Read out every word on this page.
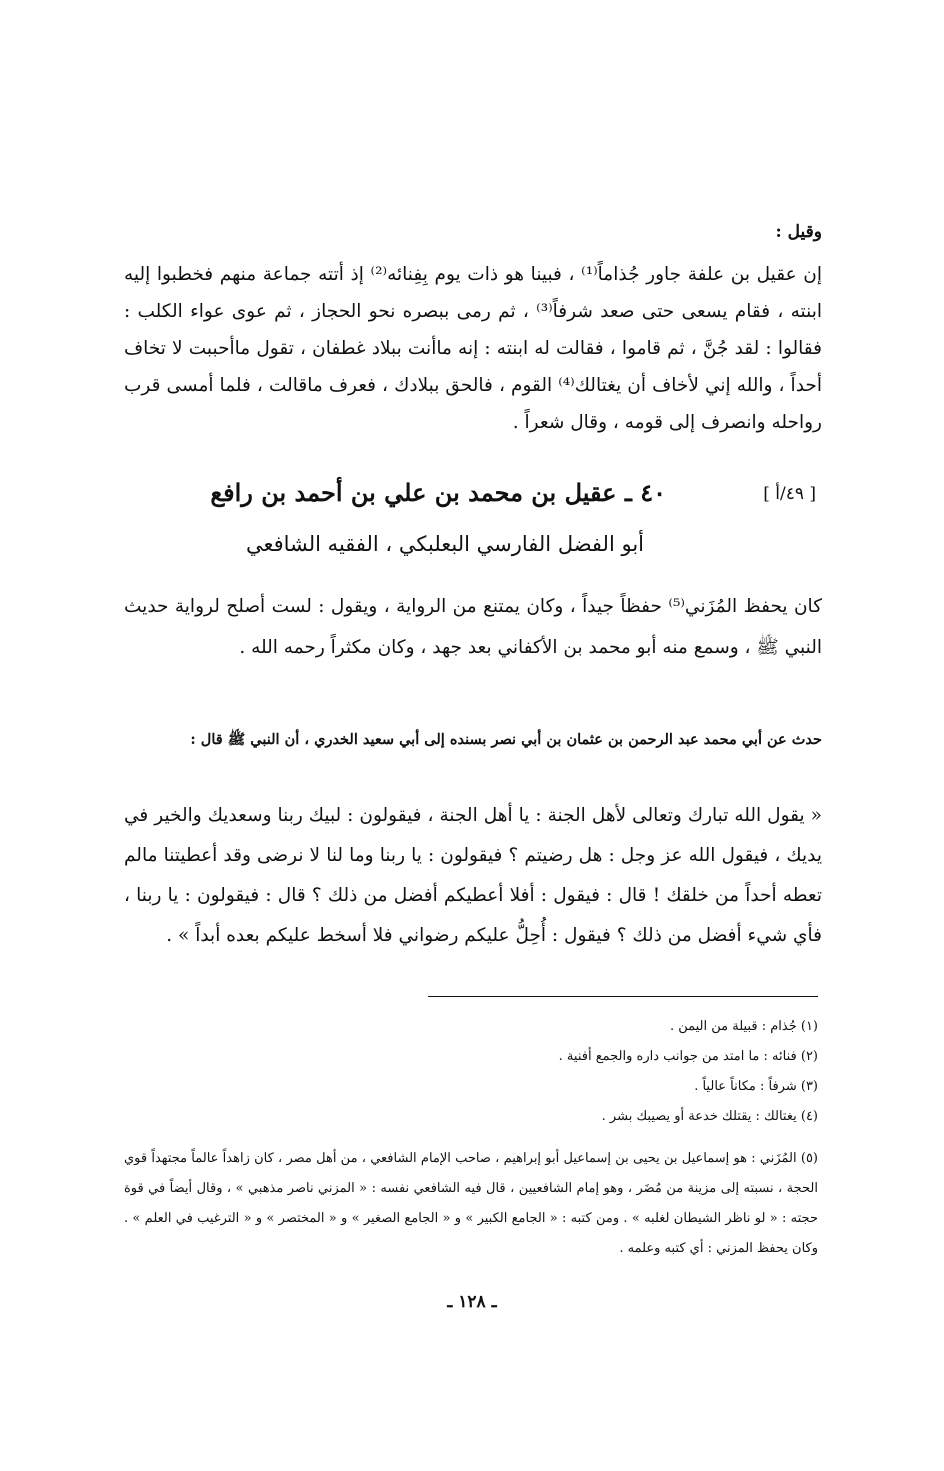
وقيل :
إن عقيل بن علفة جاور جُذاماً⁽¹⁾ ، فبينا هو ذات يوم بِفِنائه⁽²⁾ إذ أتته جماعة منهم فخطبوا إليه ابنته ، فقام يسعى حتى صعد شرفاً⁽³⁾ ، ثم رمى ببصره نحو الحجاز ، ثم عوى عواء الكلب : فقالوا : لقد جُنَّ ، ثم قاموا ، فقالت له ابنته : إنه ماأنت ببلاد غطفان ، تقول ماأحببت لا تخاف أحداً ، والله إني لأخاف أن يغتالك⁽⁴⁾ القوم ، فالحق ببلادك ، فعرف ماقالت ، فلما أمسى قرب رواحله وانصرف إلى قومه ، وقال شعراً .
[ ٤٩/أ ]
٤٠ ـ عقيل بن محمد بن علي بن أحمد بن رافع
أبو الفضل الفارسي البعلبكي ، الفقيه الشافعي
كان يحفظ المُزَني⁽⁵⁾ حفظاً جيداً ، وكان يمتنع من الرواية ، ويقول : لست أصلح لرواية حديث النبي ﷺ ، وسمع منه أبو محمد بن الأكفاني بعد جهد ، وكان مكثراً رحمه الله .
حدث عن أبي محمد عبد الرحمن بن عثمان بن أبي نصر بسنده إلى أبي سعيد الخدري ، أن النبي ﷺ قال :
« يقول الله تبارك وتعالى لأهل الجنة : يا أهل الجنة ، فيقولون : لبيك ربنا وسعديك والخير في يديك ، فيقول الله عز وجل : هل رضيتم ؟ فيقولون : يا ربنا وما لنا لا نرضى وقد أعطيتنا مالم تعطه أحداً من خلقك ! قال : فيقول : أفلا أعطيكم أفضل من ذلك ؟ قال : فيقولون : يا ربنا ، فأي شيء أفضل من ذلك ؟ فيقول : أُحِلُّ عليكم رضواني فلا أسخط عليكم بعده أبداً » .
(١) جُذام : قبيلة من اليمن .
(٢) فنائه : ما امتد من جوانب داره والجمع أفنية .
(٣) شرفاً : مكاناً عالياً .
(٤) يغتالك : يقتلك خدعة أو يصيبك بشر .
(٥) المُزَني : هو إسماعيل بن يحيى بن إسماعيل أبو إبراهيم ، صاحب الإمام الشافعي ، من أهل مصر ، كان زاهداً عالماً مجتهداً قوي الحجة ، نسبته إلى مزينة من مُضَر ، وهو إمام الشافعيين ، قال فيه الشافعي نفسه : « المزني ناصر مذهبي » ، وقال أيضاً في قوة حجته : « لو ناظر الشيطان لغلبه » . ومن كتبه : « الجامع الكبير » و « الجامع الصغير » و « المختصر » و « الترغيب في العلم » . وكان يحفظ المزني : أي كتبه وعلمه .
ـ ١٢٨ ـ
